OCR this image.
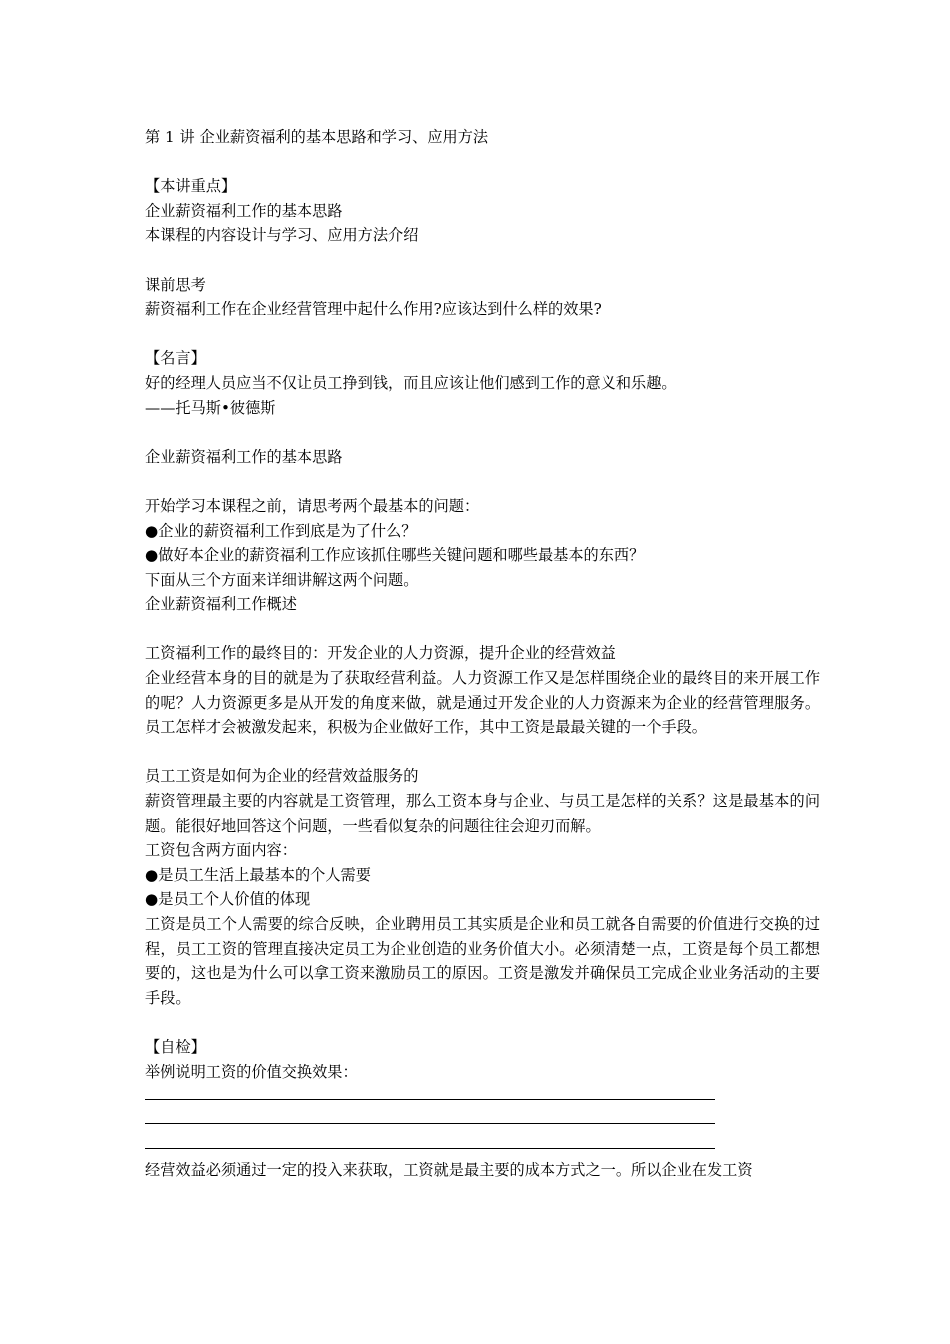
第 1 讲 企业薪资福利的基本思路和学习、应用方法
【本讲重点】
企业薪资福利工作的基本思路
本课程的内容设计与学习、应用方法介绍
课前思考
薪资福利工作在企业经营管理中起什么作用?应该达到什么样的效果?
【名言】
好的经理人员应当不仅让员工挣到钱，而且应该让他们感到工作的意义和乐趣。
——托马斯•彼德斯
企业薪资福利工作的基本思路
开始学习本课程之前，请思考两个最基本的问题：
●企业的薪资福利工作到底是为了什么？
●做好本企业的薪资福利工作应该抓住哪些关键问题和哪些最基本的东西？
下面从三个方面来详细讲解这两个问题。
企业薪资福利工作概述
工资福利工作的最终目的：开发企业的人力资源，提升企业的经营效益
企业经营本身的目的就是为了获取经营利益。人力资源工作又是怎样围绕企业的最终目的来开展工作的呢？人力资源更多是从开发的角度来做，就是通过开发企业的人力资源来为企业的经营管理服务。员工怎样才会被激发起来，积极为企业做好工作，其中工资是最最关键的一个手段。
员工工资是如何为企业的经营效益服务的
薪资管理最主要的内容就是工资管理，那么工资本身与企业、与员工是怎样的关系？这是最基本的问题。能很好地回答这个问题，一些看似复杂的问题往往会迎刃而解。
工资包含两方面内容：
●是员工生活上最基本的个人需要
●是员工个人价值的体现
工资是员工个人需要的综合反映，企业聘用员工其实质是企业和员工就各自需要的价值进行交换的过程，员工工资的管理直接决定员工为企业创造的业务价值大小。必须清楚一点，工资是每个员工都想要的，这也是为什么可以拿工资来激励员工的原因。工资是激发并确保员工完成企业业务活动的主要手段。
【自检】
举例说明工资的价值交换效果：
经营效益必须通过一定的投入来获取，工资就是最主要的成本方式之一。所以企业在发工资
